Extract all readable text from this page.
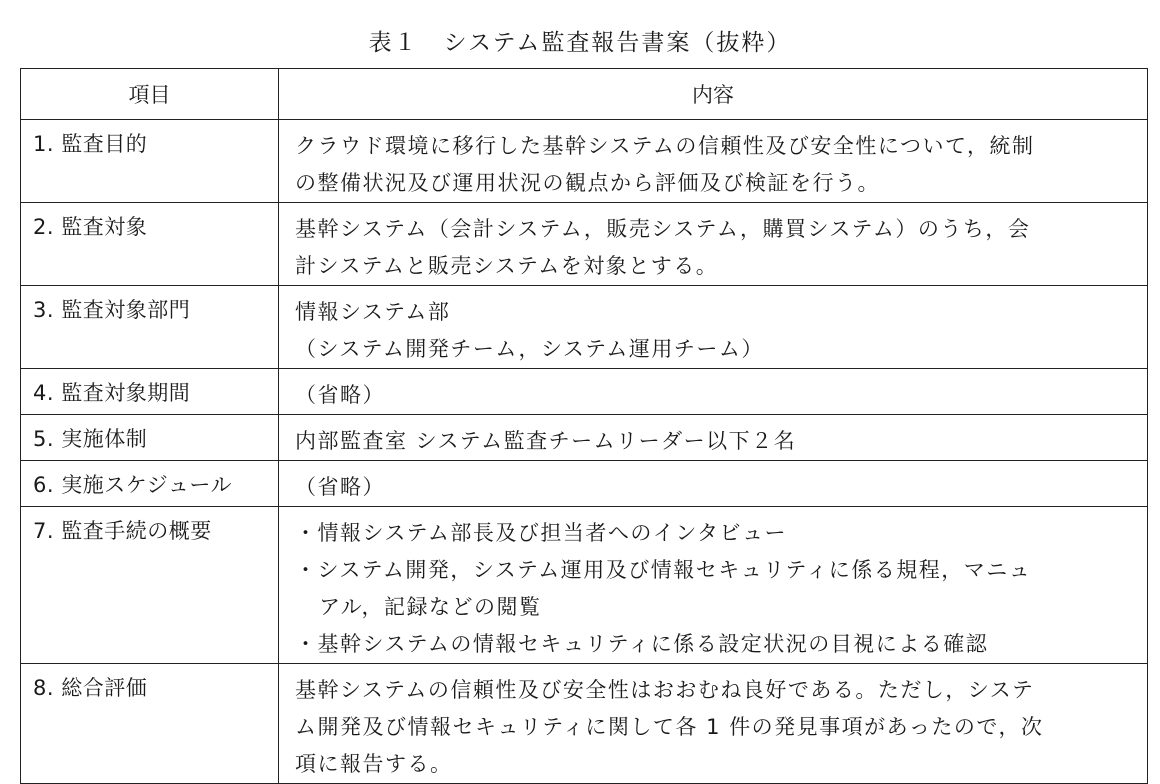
表１　システム監査報告書案（抜粋）
項目	内容
1. 監査目的	クラウド環境に移行した基幹システムの信頼性及び安全性について，統制
の整備状況及び運用状況の観点から評価及び検証を行う。

2. 監査対象	基幹システム（会計システム，販売システム，購買システム）のうち，会
計システムと販売システムを対象とする。

3. 監査対象部門	情報システム部
（システム開発チーム，システム運用チーム）

4. 監査対象期間	（省略）

5. 実施体制	内部監査室 システム監査チームリーダー以下２名

6. 実施スケジュール	（省略）

7. 監査手続の概要	・情報システム部長及び担当者へのインタビュー
・システム開発，システム運用及び情報セキュリティに係る規程，マニュ
アル，記録などの閲覧
・基幹システムの情報セキュリティに係る設定状況の目視による確認

8. 総合評価	基幹システムの信頼性及び安全性はおおむね良好である。ただし，システ
ム開発及び情報セキュリティに関して各 1 件の発見事項があったので，次
項に報告する。
